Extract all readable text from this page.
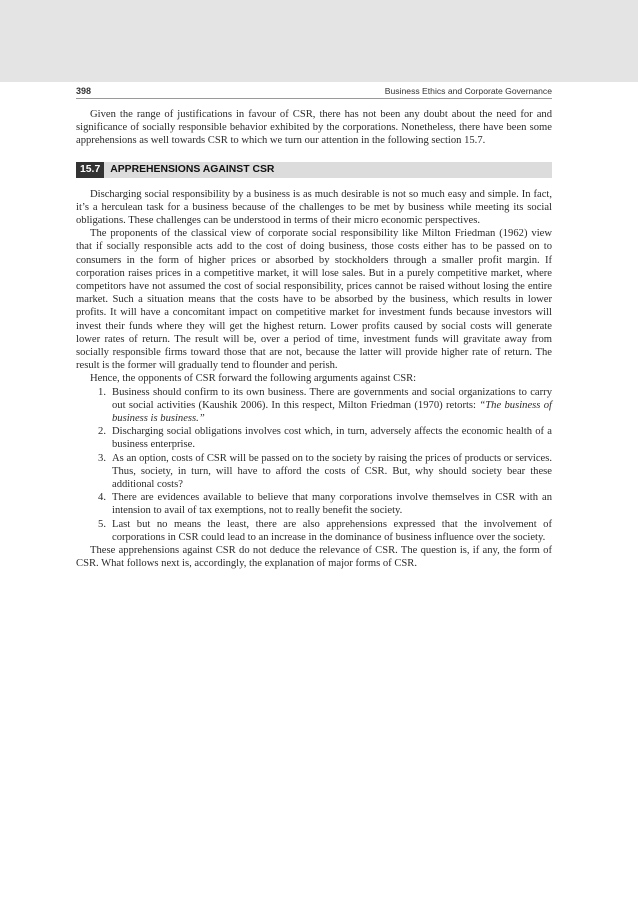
398	Business Ethics and Corporate Governance

Given the range of justifications in favour of CSR, there has not been any doubt about the need for and significance of socially responsible behavior exhibited by the corporations. Nonetheless, there have been some apprehensions as well towards CSR to which we turn our attention in the following section 15.7.

15.7 APPREHENSIONS AGAINST CSR

Discharging social responsibility by a business is as much desirable is not so much easy and simple. In fact, it’s a herculean task for a business because of the challenges to be met by business while meeting its social obligations. These challenges can be understood in terms of their micro economic perspectives.

The proponents of the classical view of corporate social responsibility like Milton Friedman (1962) view that if socially responsible acts add to the cost of doing business, those costs either has to be passed on to consumers in the form of higher prices or absorbed by stockholders through a smaller profit margin. If corporation raises prices in a competitive market, it will lose sales. But in a purely competitive market, where competitors have not assumed the cost of social responsibility, prices cannot be raised without losing the entire market. Such a situation means that the costs have to be absorbed by the business, which results in lower profits. It will have a concomitant impact on competitive market for investment funds because investors will invest their funds where they will get the highest return. Lower profits caused by social costs will generate lower rates of return. The result will be, over a period of time, investment funds will gravitate away from socially responsible firms toward those that are not, because the latter will provide higher rate of return. The result is the former will gradually tend to flounder and perish.

Hence, the opponents of CSR forward the following arguments against CSR:

1. Business should confirm to its own business. There are governments and social organizations to carry out social activities (Kaushik 2006). In this respect, Milton Friedman (1970) retorts: “The business of business is business.”
2. Discharging social obligations involves cost which, in turn, adversely affects the economic health of a business enterprise.
3. As an option, costs of CSR will be passed on to the society by raising the prices of products or services. Thus, society, in turn, will have to afford the costs of CSR. But, why should society bear these additional costs?
4. There are evidences available to believe that many corporations involve themselves in CSR with an intension to avail of tax exemptions, not to really benefit the society.
5. Last but no means the least, there are also apprehensions expressed that the involvement of corporations in CSR could lead to an increase in the dominance of business influence over the society.

These apprehensions against CSR do not deduce the relevance of CSR. The question is, if any, the form of CSR. What follows next is, accordingly, the explanation of major forms of CSR.
